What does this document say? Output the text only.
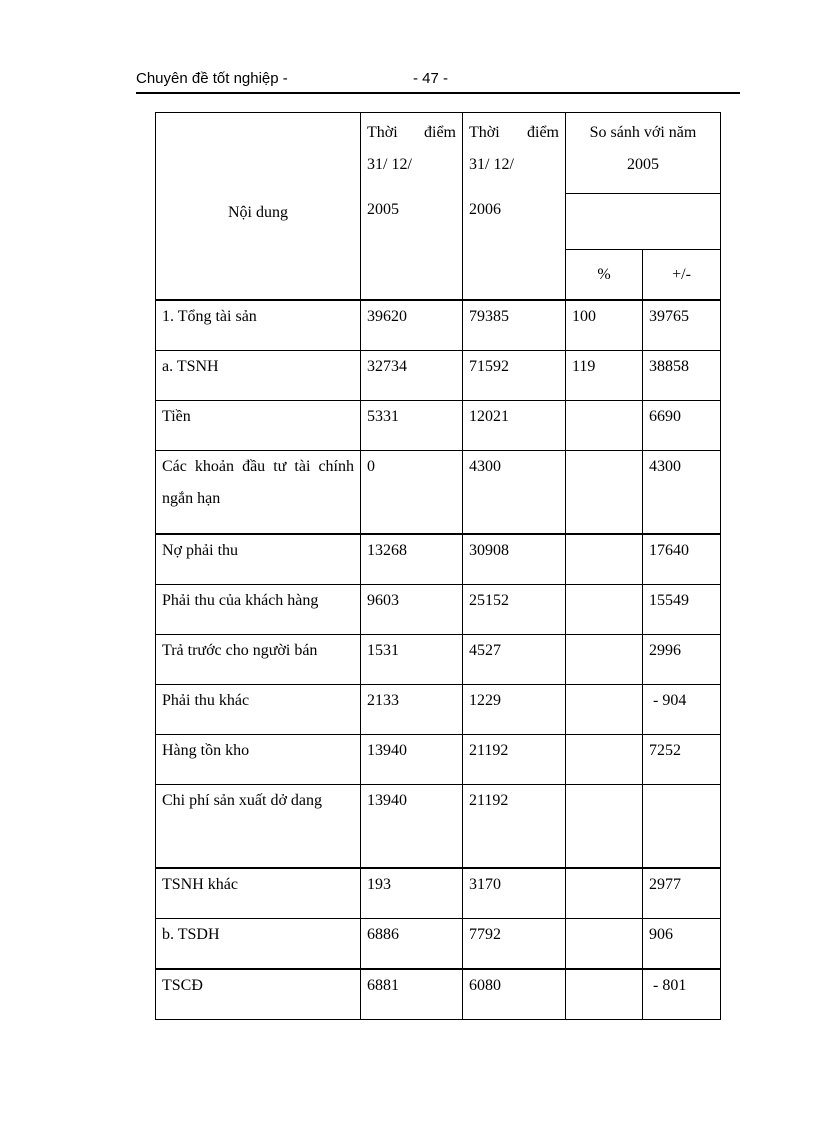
Chuyên đề tốt nghiệp -	- 47 -
Nội dung	Thời điểm 31/ 12/	Thời điểm 31/ 12/	So sánh với năm 2005	
	2005	2006		
			%	+/-
1. Tổng tài sản	39620	79385	100	39765
a. TSNH	32734	71592	119	38858
Tiền	5331	12021		6690
Các khoản đầu tư tài chính ngắn hạn	0	4300		4300
Nợ phải thu	13268	30908		17640
Phải thu của khách hàng	9603	25152		15549
Trả trước cho người bán	1531	4527		2996
Phải thu khác	2133	1229		- 904
Hàng tồn kho	13940	21192		7252
Chi phí sản xuất dở dang	13940	21192		
TSNH khác	193	3170		2977
b. TSDH	6886	7792		906
TSCĐ	6881	6080		- 801
